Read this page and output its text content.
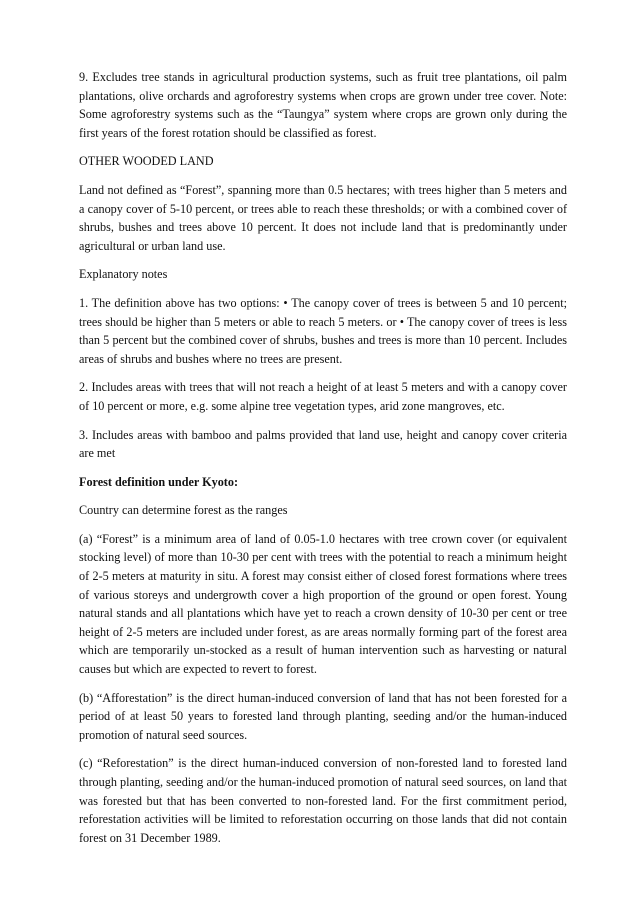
9. Excludes tree stands in agricultural production systems, such as fruit tree plantations, oil palm plantations, olive orchards and agroforestry systems when crops are grown under tree cover. Note: Some agroforestry systems such as the “Taungya” system where crops are grown only during the first years of the forest rotation should be classified as forest.

OTHER WOODED LAND

Land not defined as “Forest”, spanning more than 0.5 hectares; with trees higher than 5 meters and a canopy cover of 5-10 percent, or trees able to reach these thresholds; or with a combined cover of shrubs, bushes and trees above 10 percent. It does not include land that is predominantly under agricultural or urban land use.

Explanatory notes

1. The definition above has two options: • The canopy cover of trees is between 5 and 10 percent; trees should be higher than 5 meters or able to reach 5 meters. or • The canopy cover of trees is less than 5 percent but the combined cover of shrubs, bushes and trees is more than 10 percent. Includes areas of shrubs and bushes where no trees are present.

2. Includes areas with trees that will not reach a height of at least 5 meters and with a canopy cover of 10 percent or more, e.g. some alpine tree vegetation types, arid zone mangroves, etc.

3. Includes areas with bamboo and palms provided that land use, height and canopy cover criteria are met

Forest definition under Kyoto:

Country can determine forest as the ranges

(a) “Forest” is a minimum area of land of 0.05-1.0 hectares with tree crown cover (or equivalent stocking level) of more than 10-30 per cent with trees with the potential to reach a minimum height of 2-5 meters at maturity in situ. A forest may consist either of closed forest formations where trees of various storeys and undergrowth cover a high proportion of the ground or open forest. Young natural stands and all plantations which have yet to reach a crown density of 10-30 per cent or tree height of 2-5 meters are included under forest, as are areas normally forming part of the forest area which are temporarily un-stocked as a result of human intervention such as harvesting or natural causes but which are expected to revert to forest.

(b) “Afforestation” is the direct human-induced conversion of land that has not been forested for a period of at least 50 years to forested land through planting, seeding and/or the human-induced promotion of natural seed sources.

(c) “Reforestation” is the direct human-induced conversion of non-forested land to forested land through planting, seeding and/or the human-induced promotion of natural seed sources, on land that was forested but that has been converted to non-forested land. For the first commitment period, reforestation activities will be limited to reforestation occurring on those lands that did not contain forest on 31 December 1989.
